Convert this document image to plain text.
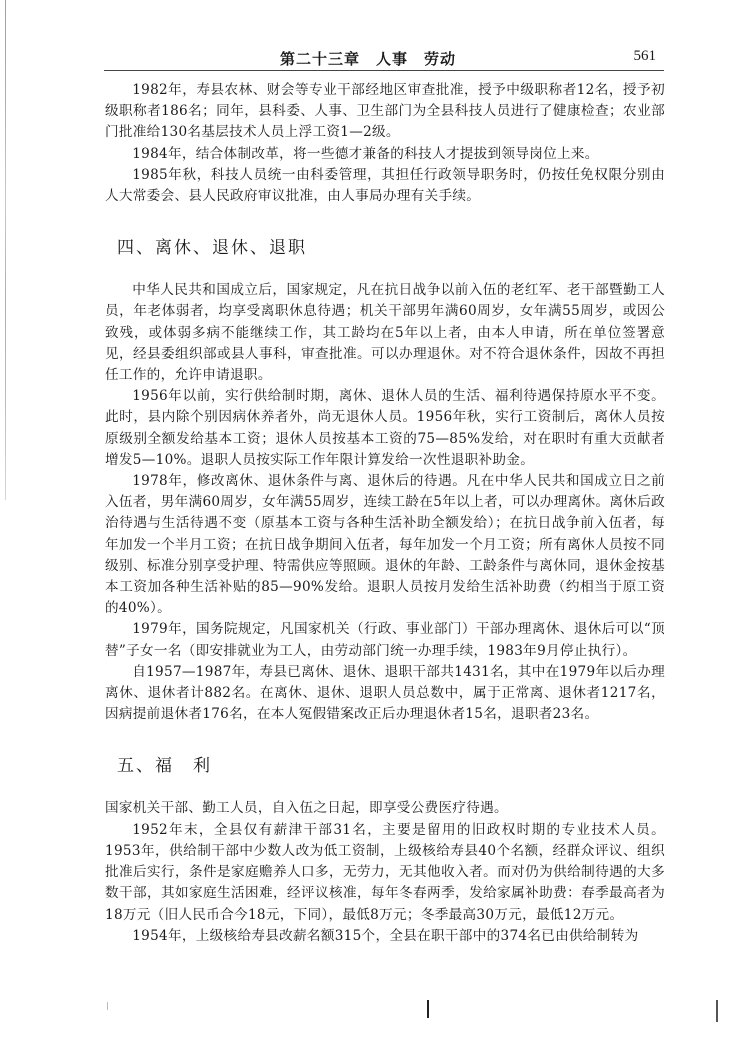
第二十三章　人事　劳动	561

1982年，寿县农林、财会等专业干部经地区审查批准，授予中级职称者12名，授予初级职称者186名；同年，县科委、人事、卫生部门为全县科技人员进行了健康检查；农业部门批准给130名基层技术人员上浮工资1—2级。

1984年，结合体制改革，将一些德才兼备的科技人才提拔到领导岗位上来。

1985年秋，科技人员统一由科委管理，其担任行政领导职务时，仍按任免权限分别由人大常委会、县人民政府审议批准，由人事局办理有关手续。

四、离休、退休、退职

中华人民共和国成立后，国家规定，凡在抗日战争以前入伍的老红军、老干部暨勤工人员，年老体弱者，均享受离职休息待遇；机关干部男年满60周岁，女年满55周岁，或因公致残，或体弱多病不能继续工作，其工龄均在5年以上者，由本人申请，所在单位签署意见，经县委组织部或县人事科，审查批准。可以办理退休。对不符合退休条件，因故不再担任工作的，允许申请退职。

1956年以前，实行供给制时期，离休、退休人员的生活、福利待遇保持原水平不变。此时，县内除个别因病休养者外，尚无退休人员。1956年秋，实行工资制后，离休人员按原级别全额发给基本工资；退休人员按基本工资的75—85%发给，对在职时有重大贡献者增发5—10%。退职人员按实际工作年限计算发给一次性退职补助金。

1978年，修改离休、退休条件与离、退休后的待遇。凡在中华人民共和国成立日之前入伍者，男年满60周岁，女年满55周岁，连续工龄在5年以上者，可以办理离休。离休后政治待遇与生活待遇不变（原基本工资与各种生活补助全额发给）；在抗日战争前入伍者，每年加发一个半月工资；在抗日战争期间入伍者，每年加发一个月工资；所有离休人员按不同级别、标准分别享受护理、特需供应等照顾。退休的年龄、工龄条件与离休同，退休金按基本工资加各种生活补贴的85—90%发给。退职人员按月发给生活补助费（约相当于原工资的40%）。

1979年，国务院规定，凡国家机关（行政、事业部门）干部办理离休、退休后可以“顶替”子女一名（即安排就业为工人，由劳动部门统一办理手续，1983年9月停止执行）。

自1957—1987年，寿县已离休、退休、退职干部共1431名，其中在1979年以后办理离休、退休者计882名。在离休、退休、退职人员总数中，属于正常离、退休者1217名，因病提前退休者176名，在本人冤假错案改正后办理退休者15名，退职者23名。

五、福　利

国家机关干部、勤工人员，自入伍之日起，即享受公费医疗待遇。

1952年末，全县仅有薪津干部31名，主要是留用的旧政权时期的专业技术人员。1953年，供给制干部中少数人改为低工资制，上级核给寿县40个名额，经群众评议、组织批准后实行，条件是家庭赡养人口多，无劳力，无其他收入者。而对仍为供给制待遇的大多数干部，其如家庭生活困难，经评议核准，每年冬春两季，发给家属补助费：春季最高者为18万元（旧人民币合今18元，下同），最低8万元；冬季最高30万元，最低12万元。

1954年，上级核给寿县改薪名额315个，全县在职干部中的374名已由供给制转为
